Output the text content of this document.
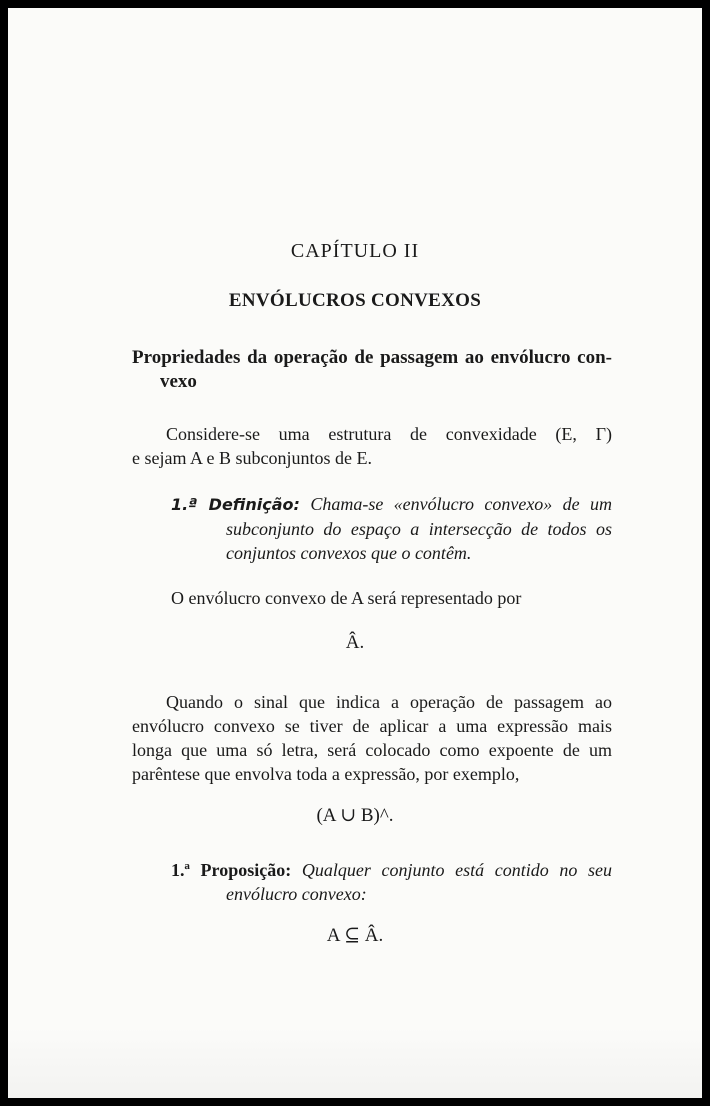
CAPÍTULO II

ENVÓLUCROS CONVEXOS

Propriedades da operação de passagem ao envólucro con-
vexo

Considere-se uma estrutura de convexidade (E, Γ)
e sejam A e B subconjuntos de E.

1.ª Definição: Chama-se «envólucro convexo» de um
subconjunto do espaço a intersecção de todos os
conjuntos convexos que o contêm.

O envólucro convexo de A será representado por

Â.

Quando o sinal que indica a operação de passagem ao
envólucro convexo se tiver de aplicar a uma expressão mais
longa que uma só letra, será colocado como expoente de um
parêntese que envolva toda a expressão, por exemplo,

(A ∪ B)^.

1.ª Proposição: Qualquer conjunto está contido no seu
envólucro convexo:

A ⊆ Â.
